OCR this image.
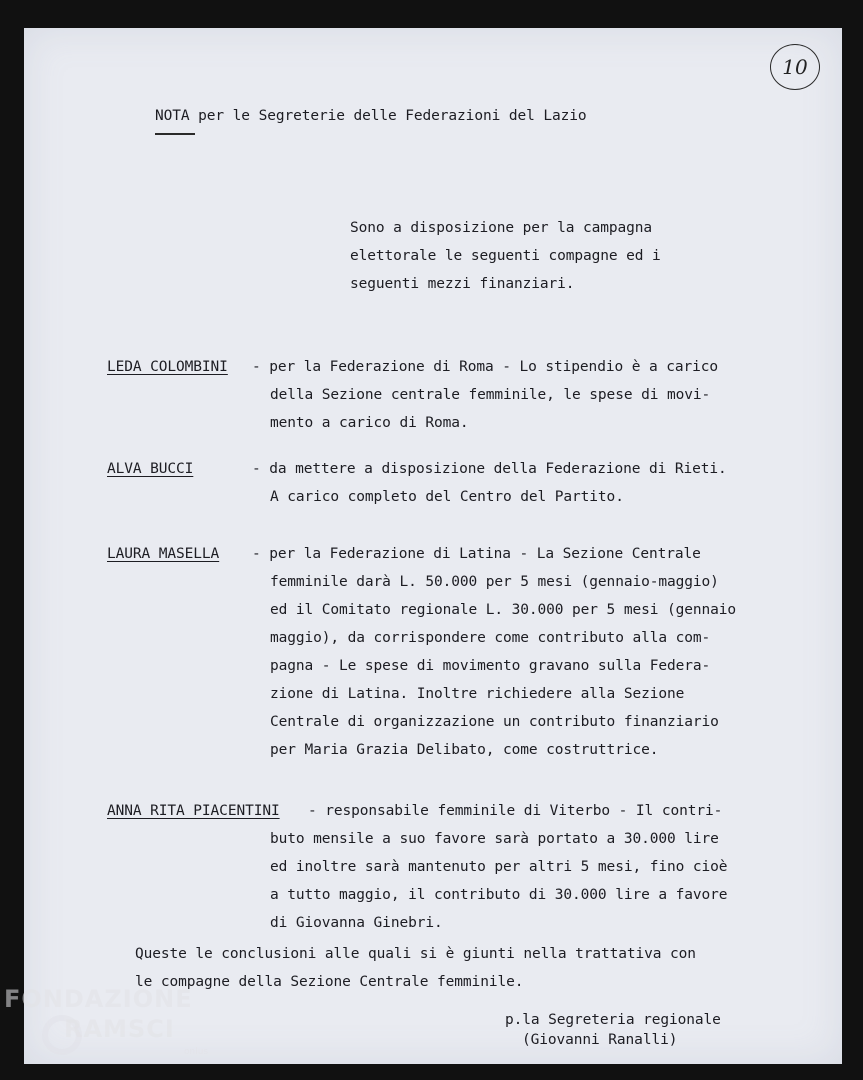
10

NOTA per le Segreterie delle Federazioni del Lazio

Sono a disposizione per la campagna

elettorale le seguenti compagne ed i

seguenti mezzi finanziari.

LEDA COLOMBINI - per la Federazione di Roma - Lo stipendio è a carico

della Sezione centrale femminile, le spese di movi-

mento a carico di Roma.

ALVA BUCCI	- da mettere a disposizione della Federazione di Rieti.

A carico completo del Centro del Partito.

LAURA MASELLA - per la Federazione di Latina - La Sezione Centrale

femminile darà L. 50.000 per 5 mesi (gennaio-maggio)

ed il Comitato regionale L. 30.000 per 5 mesi (gennaio

maggio), da corrispondere come contributo alla com-

pagna - Le spese di movimento gravano sulla Federa-

zione di Latina. Inoltre richiedere alla Sezione

Centrale di organizzazione un contributo finanziario

per Maria Grazia Delibato, come costruttrice.

ANNA RITA PIACENTINI - responsabile femminile di Viterbo - Il contri-

buto mensile a suo favore sarà portato a 30.000 lire

ed inoltre sarà mantenuto per altri 5 mesi, fino cioè

a tutto maggio, il contributo di 30.000 lire a favore

di Giovanna Ginebri.

Queste le conclusioni alle quali si è giunti nella trattativa con

le compagne della Sezione Centrale femminile.

p.la Segreteria regionale

(Giovanni Ranalli)

FONDAZIONE
RAMSCI
onlus
